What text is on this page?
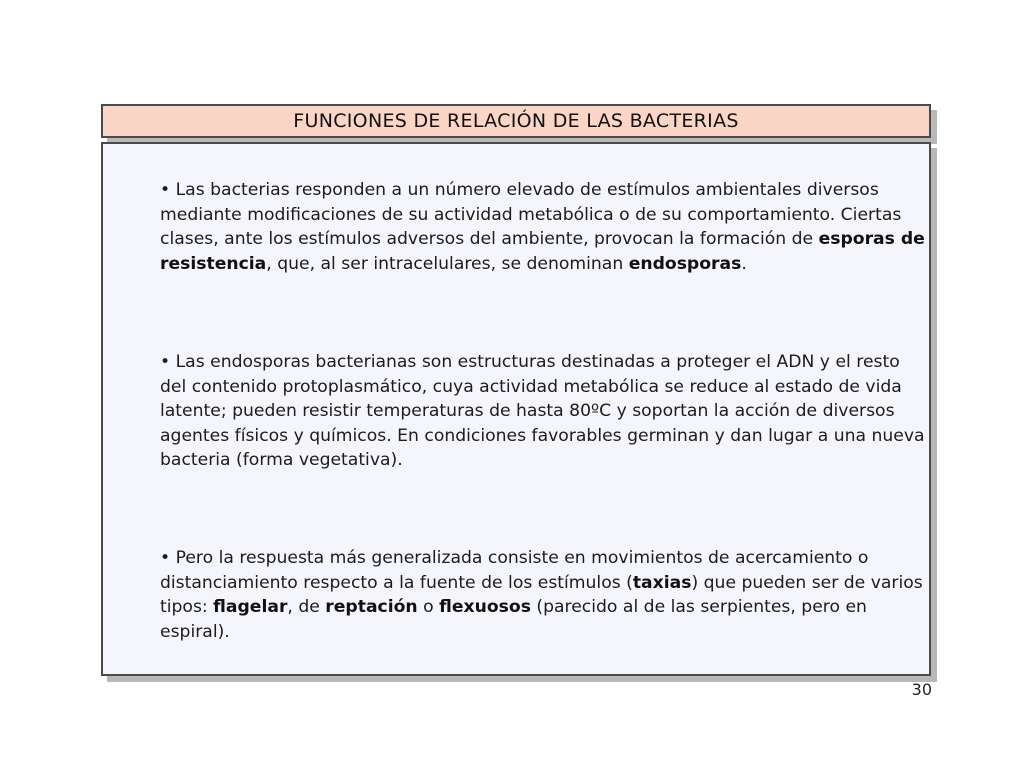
FUNCIONES DE RELACIÓN DE LAS BACTERIAS

• Las bacterias responden a un número elevado de estímulos ambientales diversos mediante modificaciones de su actividad metabólica o de su comportamiento. Ciertas clases, ante los estímulos adversos del ambiente, provocan la formación de esporas de resistencia, que, al ser intracelulares, se denominan endosporas.

• Las endosporas bacterianas son estructuras destinadas a proteger el ADN y el resto del contenido protoplasmático, cuya actividad metabólica se reduce al estado de vida latente; pueden resistir temperaturas de hasta 80ºC y soportan la acción de diversos agentes físicos y químicos. En condiciones favorables germinan y dan lugar a una nueva bacteria (forma vegetativa).

• Pero la respuesta más generalizada consiste en movimientos de acercamiento o distanciamiento respecto a la fuente de los estímulos (taxias) que pueden ser de varios tipos: flagelar, de reptación o flexuosos (parecido al de las serpientes, pero en espiral).

30
